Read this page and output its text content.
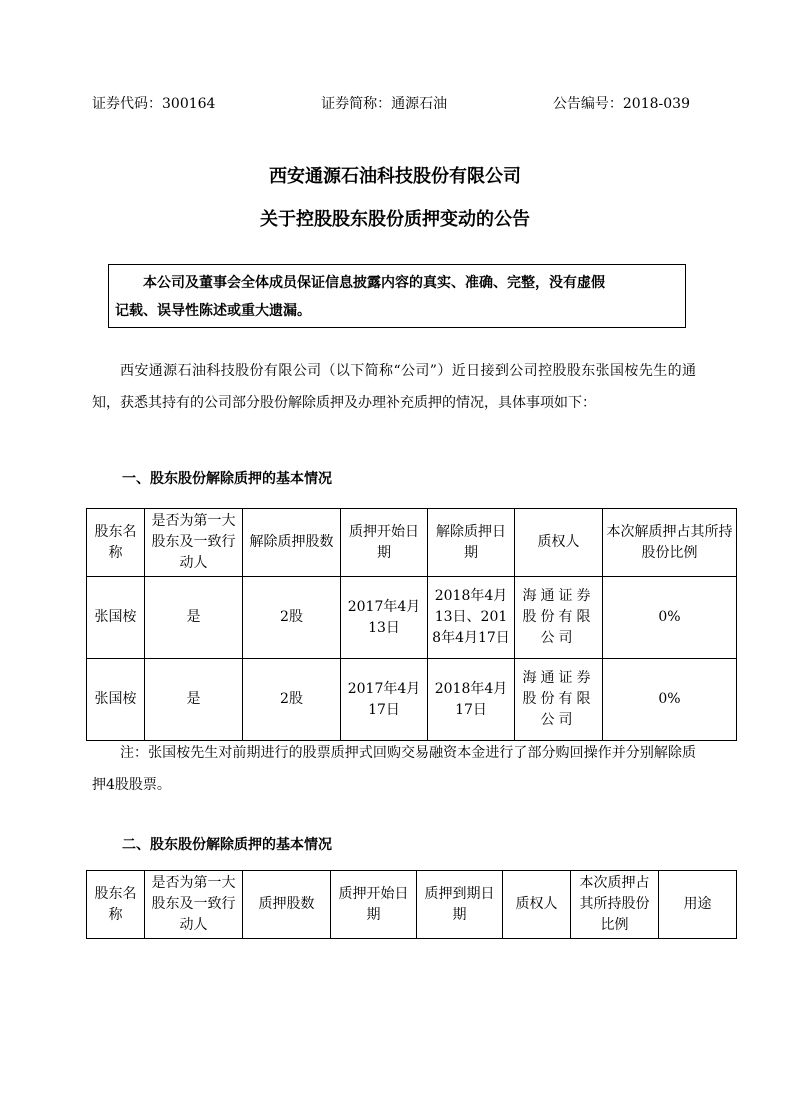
证券代码：300164	证券简称：通源石油	公告编号：2018-039
西安通源石油科技股份有限公司
关于控股股东股份质押变动的公告
本公司及董事会全体成员保证信息披露内容的真实、准确、完整，没有虚假
记载、误导性陈述或重大遗漏。
西安通源石油科技股份有限公司（以下简称“公司”）近日接到公司控股股东张国桉先生的通知，获悉其持有的公司部分股份解除质押及办理补充质押的情况，具体事项如下：
一、股东股份解除质押的基本情况
股东名称	是否为第一大股东及一致行动人	解除质押股数	质押开始日期	解除质押日期	质权人	本次解质押占其所持股份比例
张国桉	是	2股	2017年4月13日	2018年4月13日、2018年4月17日	海通证券股份有限公司	0%
张国桉	是	2股	2017年4月17日	2018年4月17日	海通证券股份有限公司	0%
注：张国桉先生对前期进行的股票质押式回购交易融资本金进行了部分购回操作并分别解除质押4股股票。
二、股东股份解除质押的基本情况
股东名称	是否为第一大股东及一致行动人	质押股数	质押开始日期	质押到期日期	质权人	本次质押占其所持股份比例	用途
